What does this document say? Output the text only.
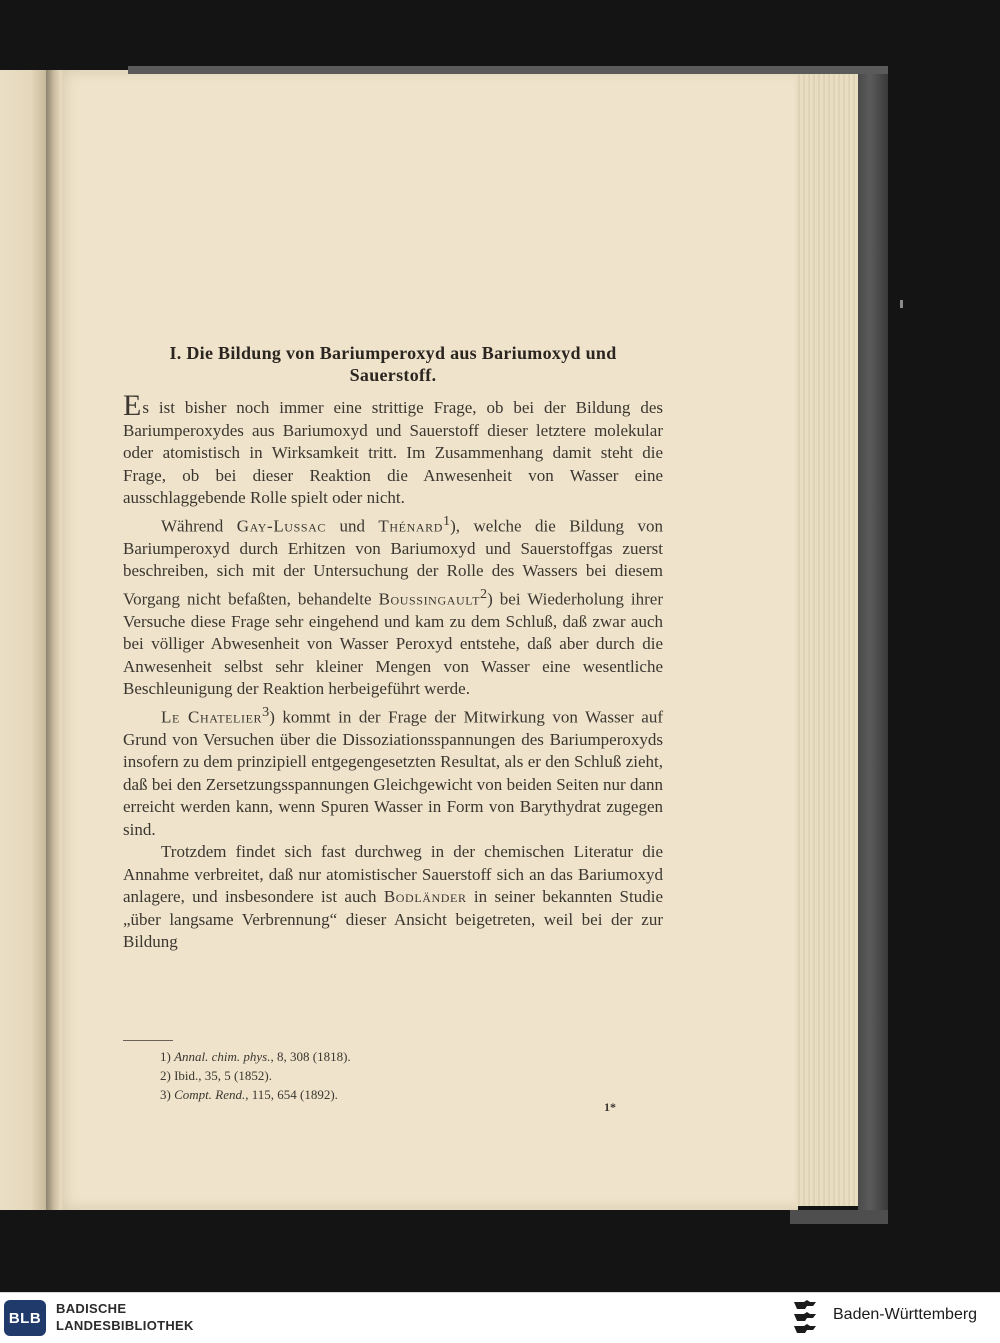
I. Die Bildung von Bariumperoxyd aus Bariumoxyd und
Sauerstoff.

Es ist bisher noch immer eine strittige Frage, ob bei der Bildung des Bariumperoxydes aus Bariumoxyd und Sauerstoff dieser letztere molekular oder atomistisch in Wirksamkeit tritt. Im Zusammenhang damit steht die Frage, ob bei dieser Reaktion die Anwesenheit von Wasser eine ausschlaggebende Rolle spielt oder nicht.

Während Gay-Lussac und Thénard$^1$), welche die Bildung von Bariumperoxyd durch Erhitzen von Bariumoxyd und Sauerstoffgas zuerst beschreiben, sich mit der Untersuchung der Rolle des Wassers bei diesem Vorgang nicht befaßten, behandelte Boussingault$^2$) bei Wiederholung ihrer Versuche diese Frage sehr eingehend und kam zu dem Schluß, daß zwar auch bei völliger Abwesenheit von Wasser Peroxyd entstehe, daß aber durch die Anwesenheit selbst sehr kleiner Mengen von Wasser eine wesentliche Beschleunigung der Reaktion herbeigeführt werde.

Le Chatelier$^3$) kommt in der Frage der Mitwirkung von Wasser auf Grund von Versuchen über die Dissoziationsspannungen des Bariumperoxyds insofern zu dem prinzipiell entgegengesetzten Resultat, als er den Schluß zieht, daß bei den Zersetzungsspannungen Gleichgewicht von beiden Seiten nur dann erreicht werden kann, wenn Spuren Wasser in Form von Barythydrat zugegen sind.

Trotzdem findet sich fast durchweg in der chemischen Literatur die Annahme verbreitet, daß nur atomistischer Sauerstoff sich an das Bariumoxyd anlagere, und insbesondere ist auch Bodländer in seiner bekannten Studie „über langsame Verbrennung“ dieser Ansicht beigetreten, weil bei der zur Bildung

1) Annal. chim. phys., 8, 308 (1818).
2) Ibid., 35, 5 (1852).
3) Compt. Rend., 115, 654 (1892).
1*
BLB
BADISCHE
LANDESBIBLIOTHEK
Baden-Württemberg
